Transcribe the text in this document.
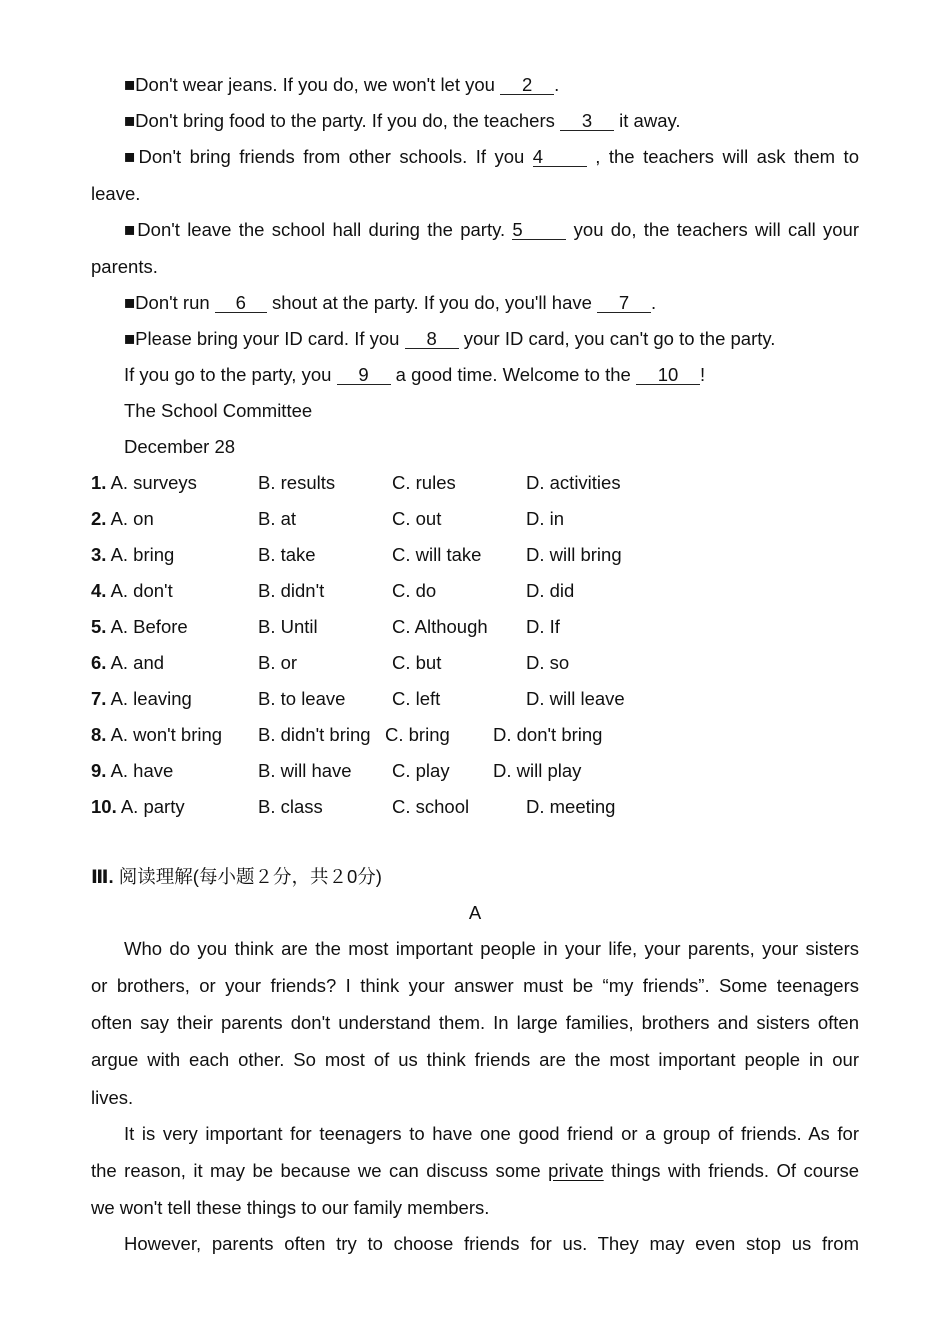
■Don't wear jeans. If you do, we won't let you 2 .
■Don't bring food to the party. If you do, the teachers 3 it away.
■Don't bring friends from other schools. If you 4 , the teachers will ask them to
leave.
■Don't leave the school hall during the party. 5 you do, the teachers will call your
parents.
■Don't run 6 shout at the party. If you do, you'll have 7 .
■Please bring your ID card. If you 8 your ID card, you can't go to the party.
If you go to the party, you 9 a good time. Welcome to the 10 !
The School Committee
December 28
1. A. surveys	B. results	C. rules	D. activities
2. A. on	B. at	C. out	D. in
3. A. bring	B. take	C. will take D. will bring
4. A. don't	B. didn't	C. do	D. did
5. A. Before	B. Until	C. Although D. If
6. A. and	B. or	C. but	D. so
7. A. leaving	B. to leave	C. left	D. will leave
8. A. won't bring B. didn't bring C. bring D. don't bring
9. A. have	B. will have C. play D. will play
10. A. party	B. class	C. school	D. meeting
Ⅲ. 阅读理解(每小题２分，共２0分)
A
Who do you think are the most important people in your life, your parents, your sisters
or brothers, or your friends? I think your answer must be “my friends”. Some teenagers
often say their parents don't understand them. In large families, brothers and sisters often
argue with each other. So most of us think friends are the most important people in our
lives.
It is very important for teenagers to have one good friend or a group of friends. As for
the reason, it may be because we can discuss some private things with friends. Of course
we won't tell these things to our family members.
However, parents often try to choose friends for us. They may even stop us from
